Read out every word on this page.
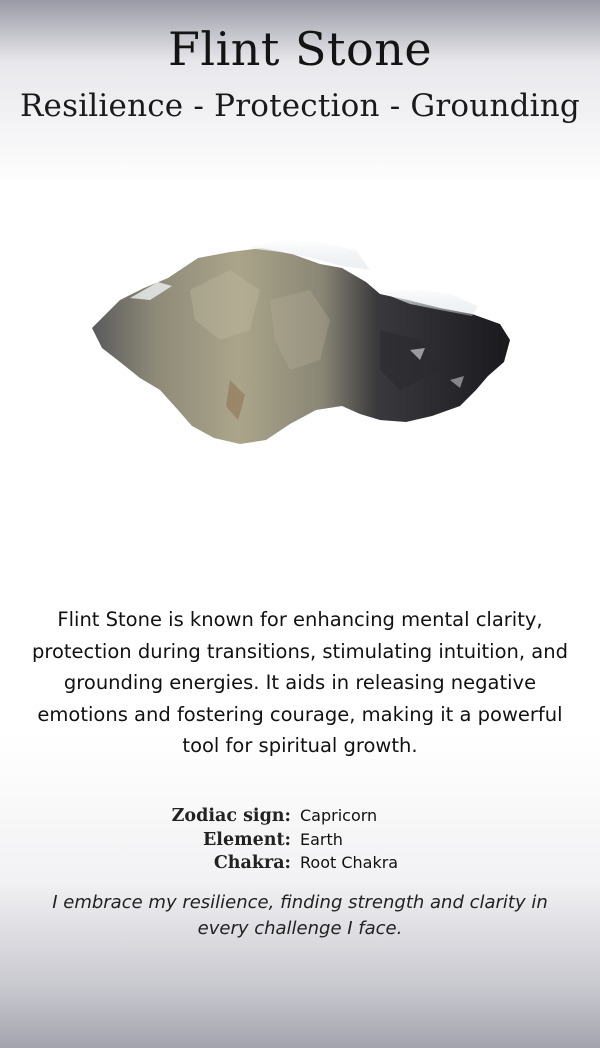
Flint Stone
Resilience - Protection - Grounding
Flint Stone is known for enhancing mental clarity, protection during transitions, stimulating intuition, and grounding energies. It aids in releasing negative emotions and fostering courage, making it a powerful tool for spiritual growth.
Zodiac sign: Capricorn
Element: Earth
Chakra: Root Chakra
I embrace my resilience, finding strength and clarity in every challenge I face.
